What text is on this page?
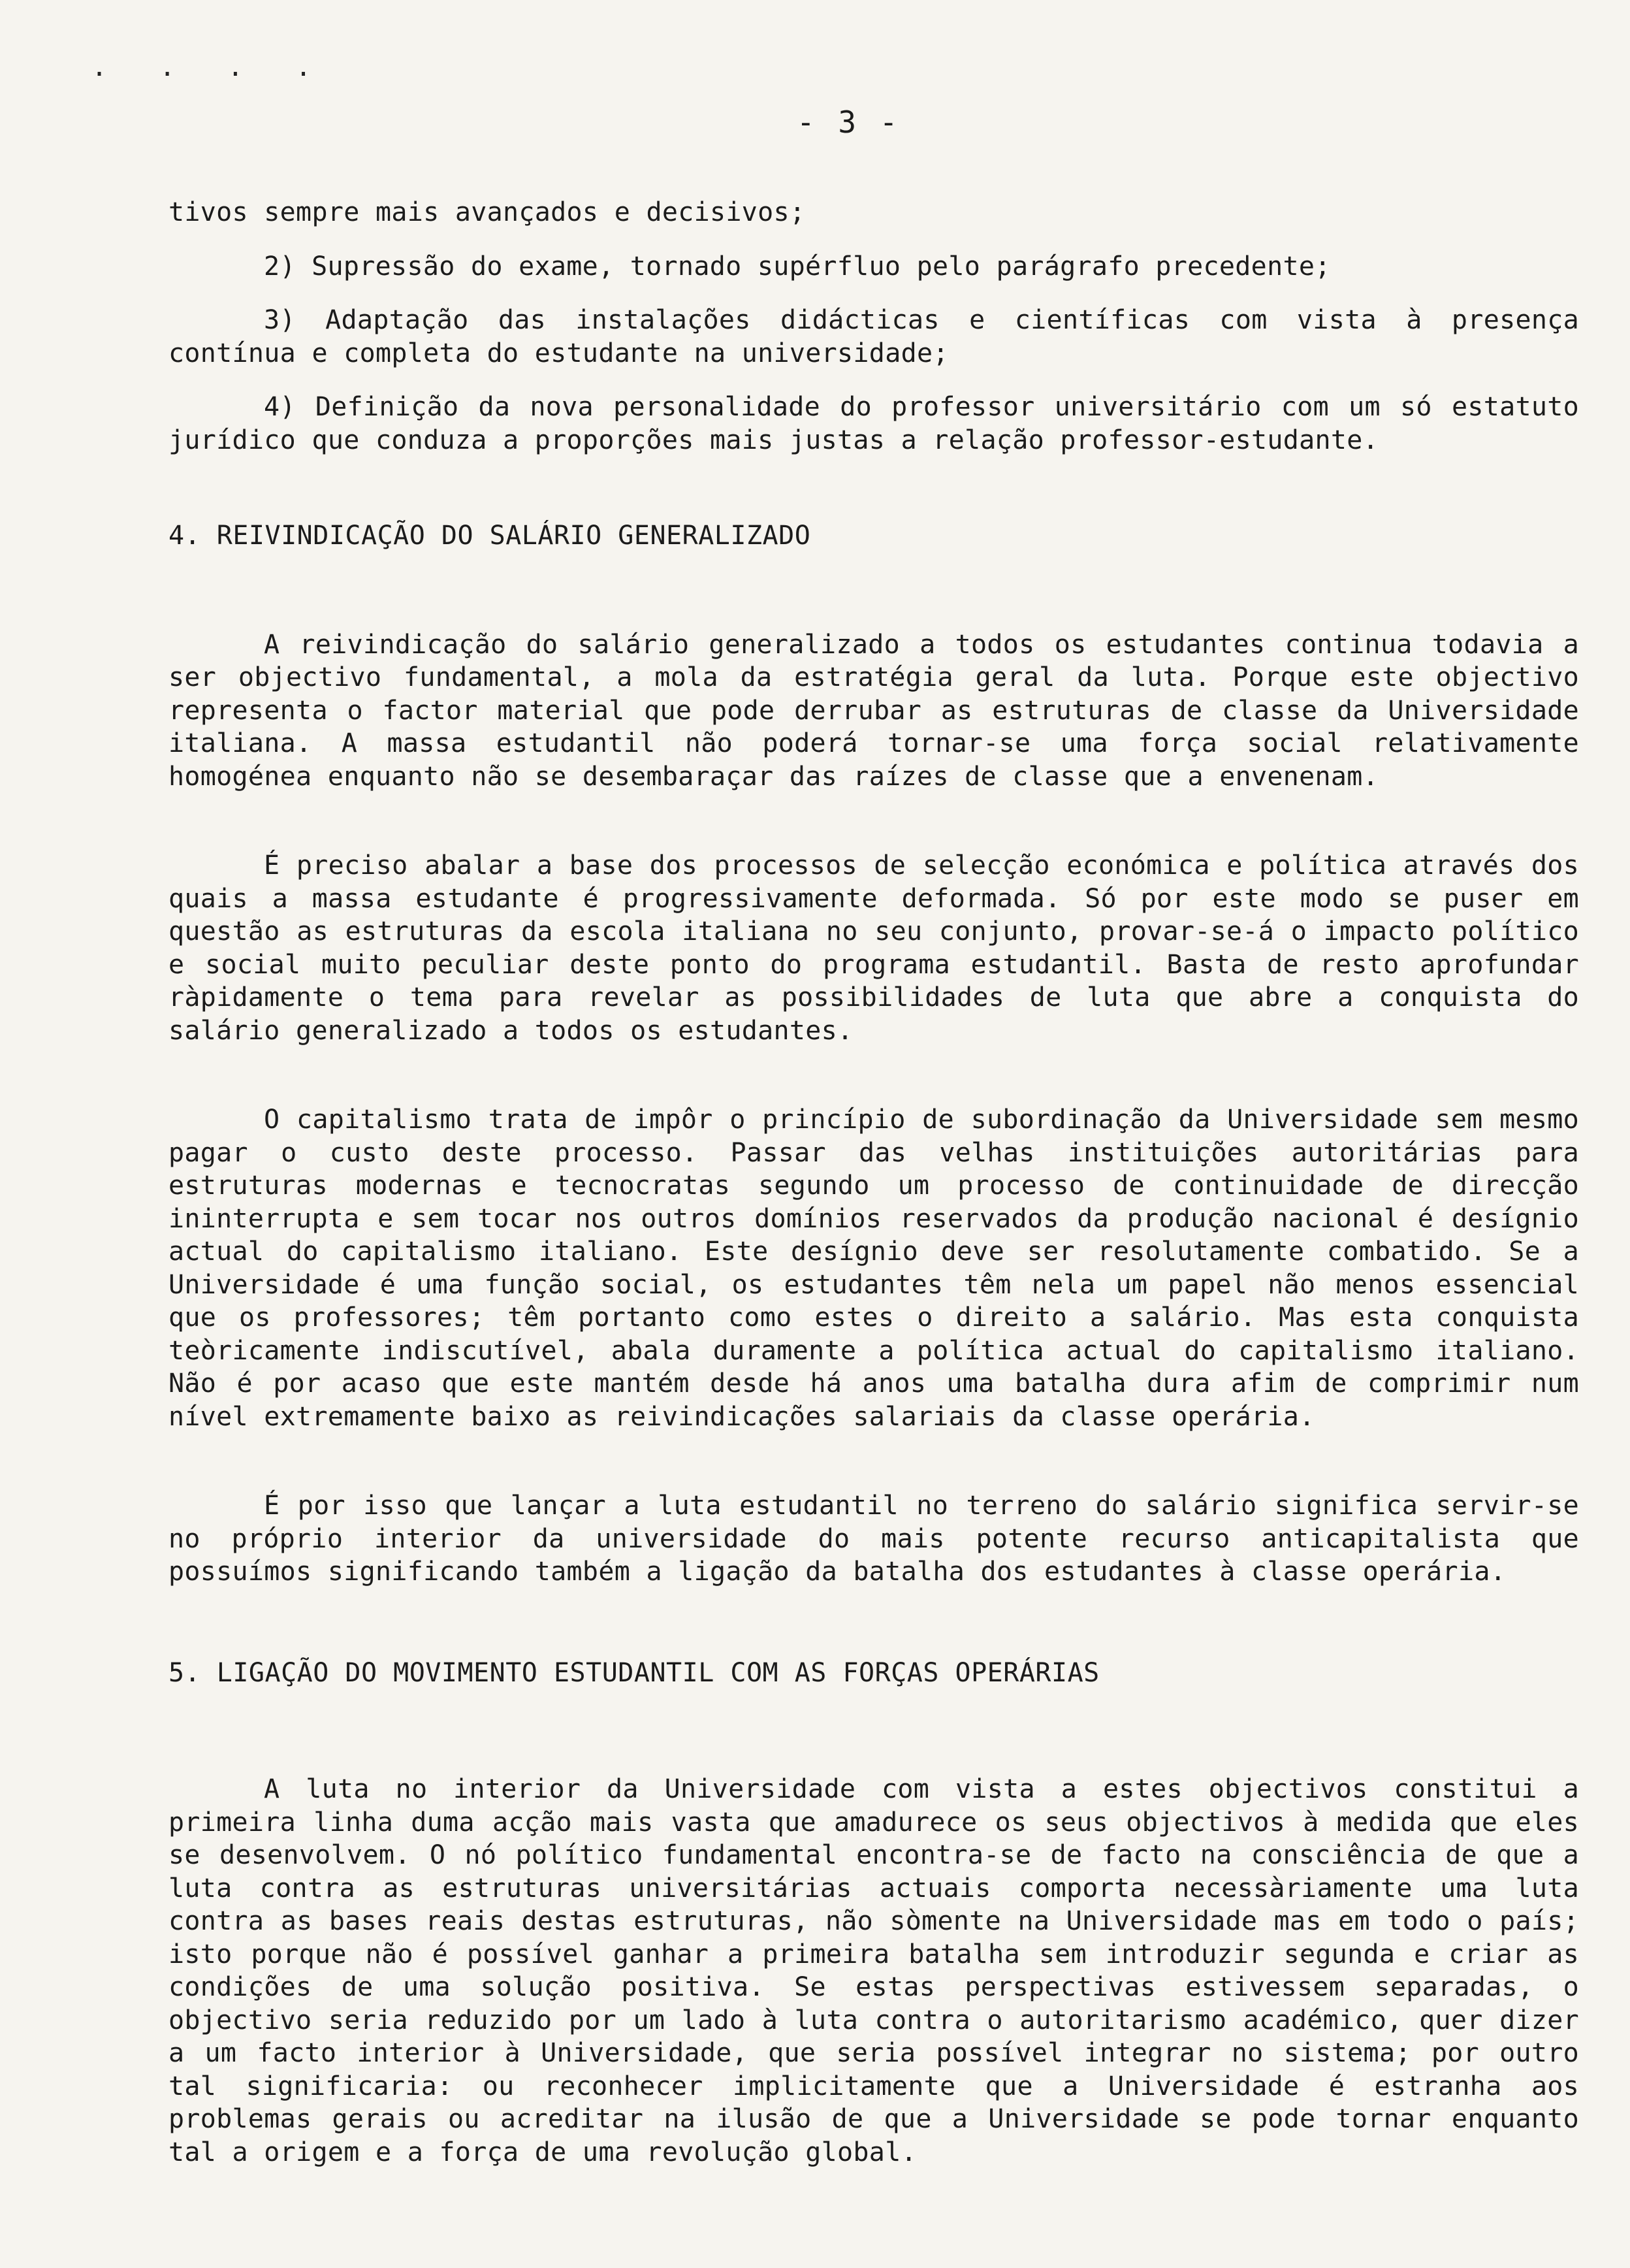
. . . .
- 3 -

tivos sempre mais avançados e decisivos;

2) Supressão do exame, tornado supérfluo pelo parágrafo precedente;

3) Adaptação das instalações didácticas e científicas com vista à presença contínua e completa do estudante na universidade;

4) Definição da nova personalidade do professor universitário com um só estatuto jurídico que conduza a proporções mais justas a relação professor-estudante.

4. REIVINDICAÇÃO DO SALÁRIO GENERALIZADO

A reivindicação do salário generalizado a todos os estudantes continua todavia a ser objectivo fundamental, a mola da estratégia geral da luta. Porque este objectivo representa o factor material que pode derrubar as estruturas de classe da Universidade italiana. A massa estudantil não poderá tornar-se uma força social relativamente homogénea enquanto não se desembaraçar das raízes de classe que a envenenam.

É preciso abalar a base dos processos de selecção económica e política através dos quais a massa estudante é progressivamente deformada. Só por este modo se puser em questão as estruturas da escola italiana no seu conjunto, provar-se-á o impacto político e social muito peculiar deste ponto do programa estudantil. Basta de resto aprofundar ràpidamente o tema para revelar as possibilidades de luta que abre a conquista do salário generalizado a todos os estudantes.

O capitalismo trata de impôr o princípio de subordinação da Universidade sem mesmo pagar o custo deste processo. Passar das velhas instituições autoritárias para estruturas modernas e tecnocratas segundo um processo de continuidade de direcção ininterrupta e sem tocar nos outros domínios reservados da produção nacional é desígnio actual do capitalismo italiano. Este desígnio deve ser resolutamente combatido. Se a Universidade é uma função social, os estudantes têm nela um papel não menos essencial que os professores; têm portanto como estes o direito a salário. Mas esta conquista teòricamente indiscutível, abala duramente a política actual do capitalismo italiano. Não é por acaso que este mantém desde há anos uma batalha dura afim de comprimir num nível extremamente baixo as reivindicações salariais da classe operária.

É por isso que lançar a luta estudantil no terreno do salário significa servir-se no próprio interior da universidade do mais potente recurso anticapitalista que possuímos significando também a ligação da batalha dos estudantes à classe operária.

5. LIGAÇÃO DO MOVIMENTO ESTUDANTIL COM AS FORÇAS OPERÁRIAS

A luta no interior da Universidade com vista a estes objectivos constitui a primeira linha duma acção mais vasta que amadurece os seus objectivos à medida que eles se desenvolvem. O nó político fundamental encontra-se de facto na consciência de que a luta contra as estruturas universitárias actuais comporta necessàriamente uma luta contra as bases reais destas estruturas, não sòmente na Universidade mas em todo o país; isto porque não é possível ganhar a primeira batalha sem introduzir segunda e criar as condições de uma solução positiva. Se estas perspectivas estivessem separadas, o objectivo seria reduzido por um lado à luta contra o autoritarismo académico, quer dizer a um facto interior à Universidade, que seria possível integrar no sistema; por outro tal significaria: ou reconhecer implicitamente que a Universidade é estranha aos problemas gerais ou acreditar na ilusão de que a Universidade se pode tornar enquanto tal a origem e a força de uma revolução global.
